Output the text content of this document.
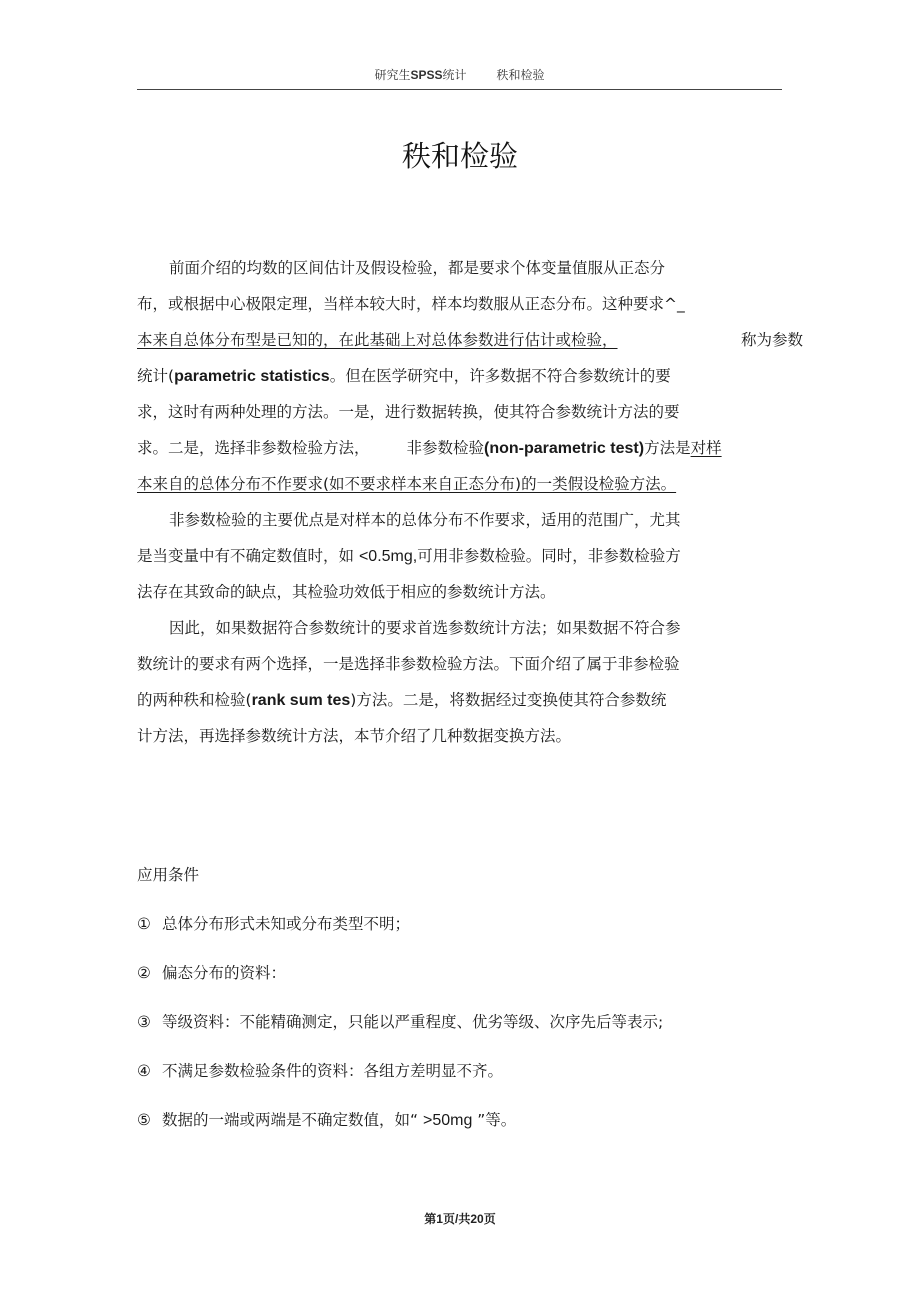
研究生SPSS统计	秩和检验
秩和检验
前面介绍的均数的区间估计及假设检验，都是要求个体变量值服从正态分
布，或根据中心极限定理，当样本较大时，样本均数服从正态分布。这种要求^_
本来自总体分布型是已知的，在此基础上对总体参数进行估计或检验，	称为参数
统计(parametric statistics。但在医学研究中，许多数据不符合参数统计的要
求，这时有两种处理的方法。一是，进行数据转换，使其符合参数统计方法的要
求。二是，选择非参数检验方法， 非参数检验(non-parametric test)方法是对样
本来自的总体分布不作要求(如不要求样本来自正态分布)的一类假设检验方法。
非参数检验的主要优点是对样本的总体分布不作要求，适用的范围广，尤其
是当变量中有不确定数值时，如 <0.5mg,可用非参数检验。同时，非参数检验方
法存在其致命的缺点，其检验功效低于相应的参数统计方法。
因此，如果数据符合参数统计的要求首选参数统计方法；如果数据不符合参
数统计的要求有两个选择，一是选择非参数检验方法。下面介绍了属于非参检验
的两种秩和检验(rank sum tes)方法。二是，将数据经过变换使其符合参数统
计方法，再选择参数统计方法，本节介绍了几种数据变换方法。
应用条件
① 总体分布形式未知或分布类型不明；
② 偏态分布的资料：
③ 等级资料：不能精确测定，只能以严重程度、优劣等级、次序先后等表示;
④ 不满足参数检验条件的资料：各组方差明显不齐。
⑤ 数据的一端或两端是不确定数值，如“ >50mg ”等。
第1页/共20页
